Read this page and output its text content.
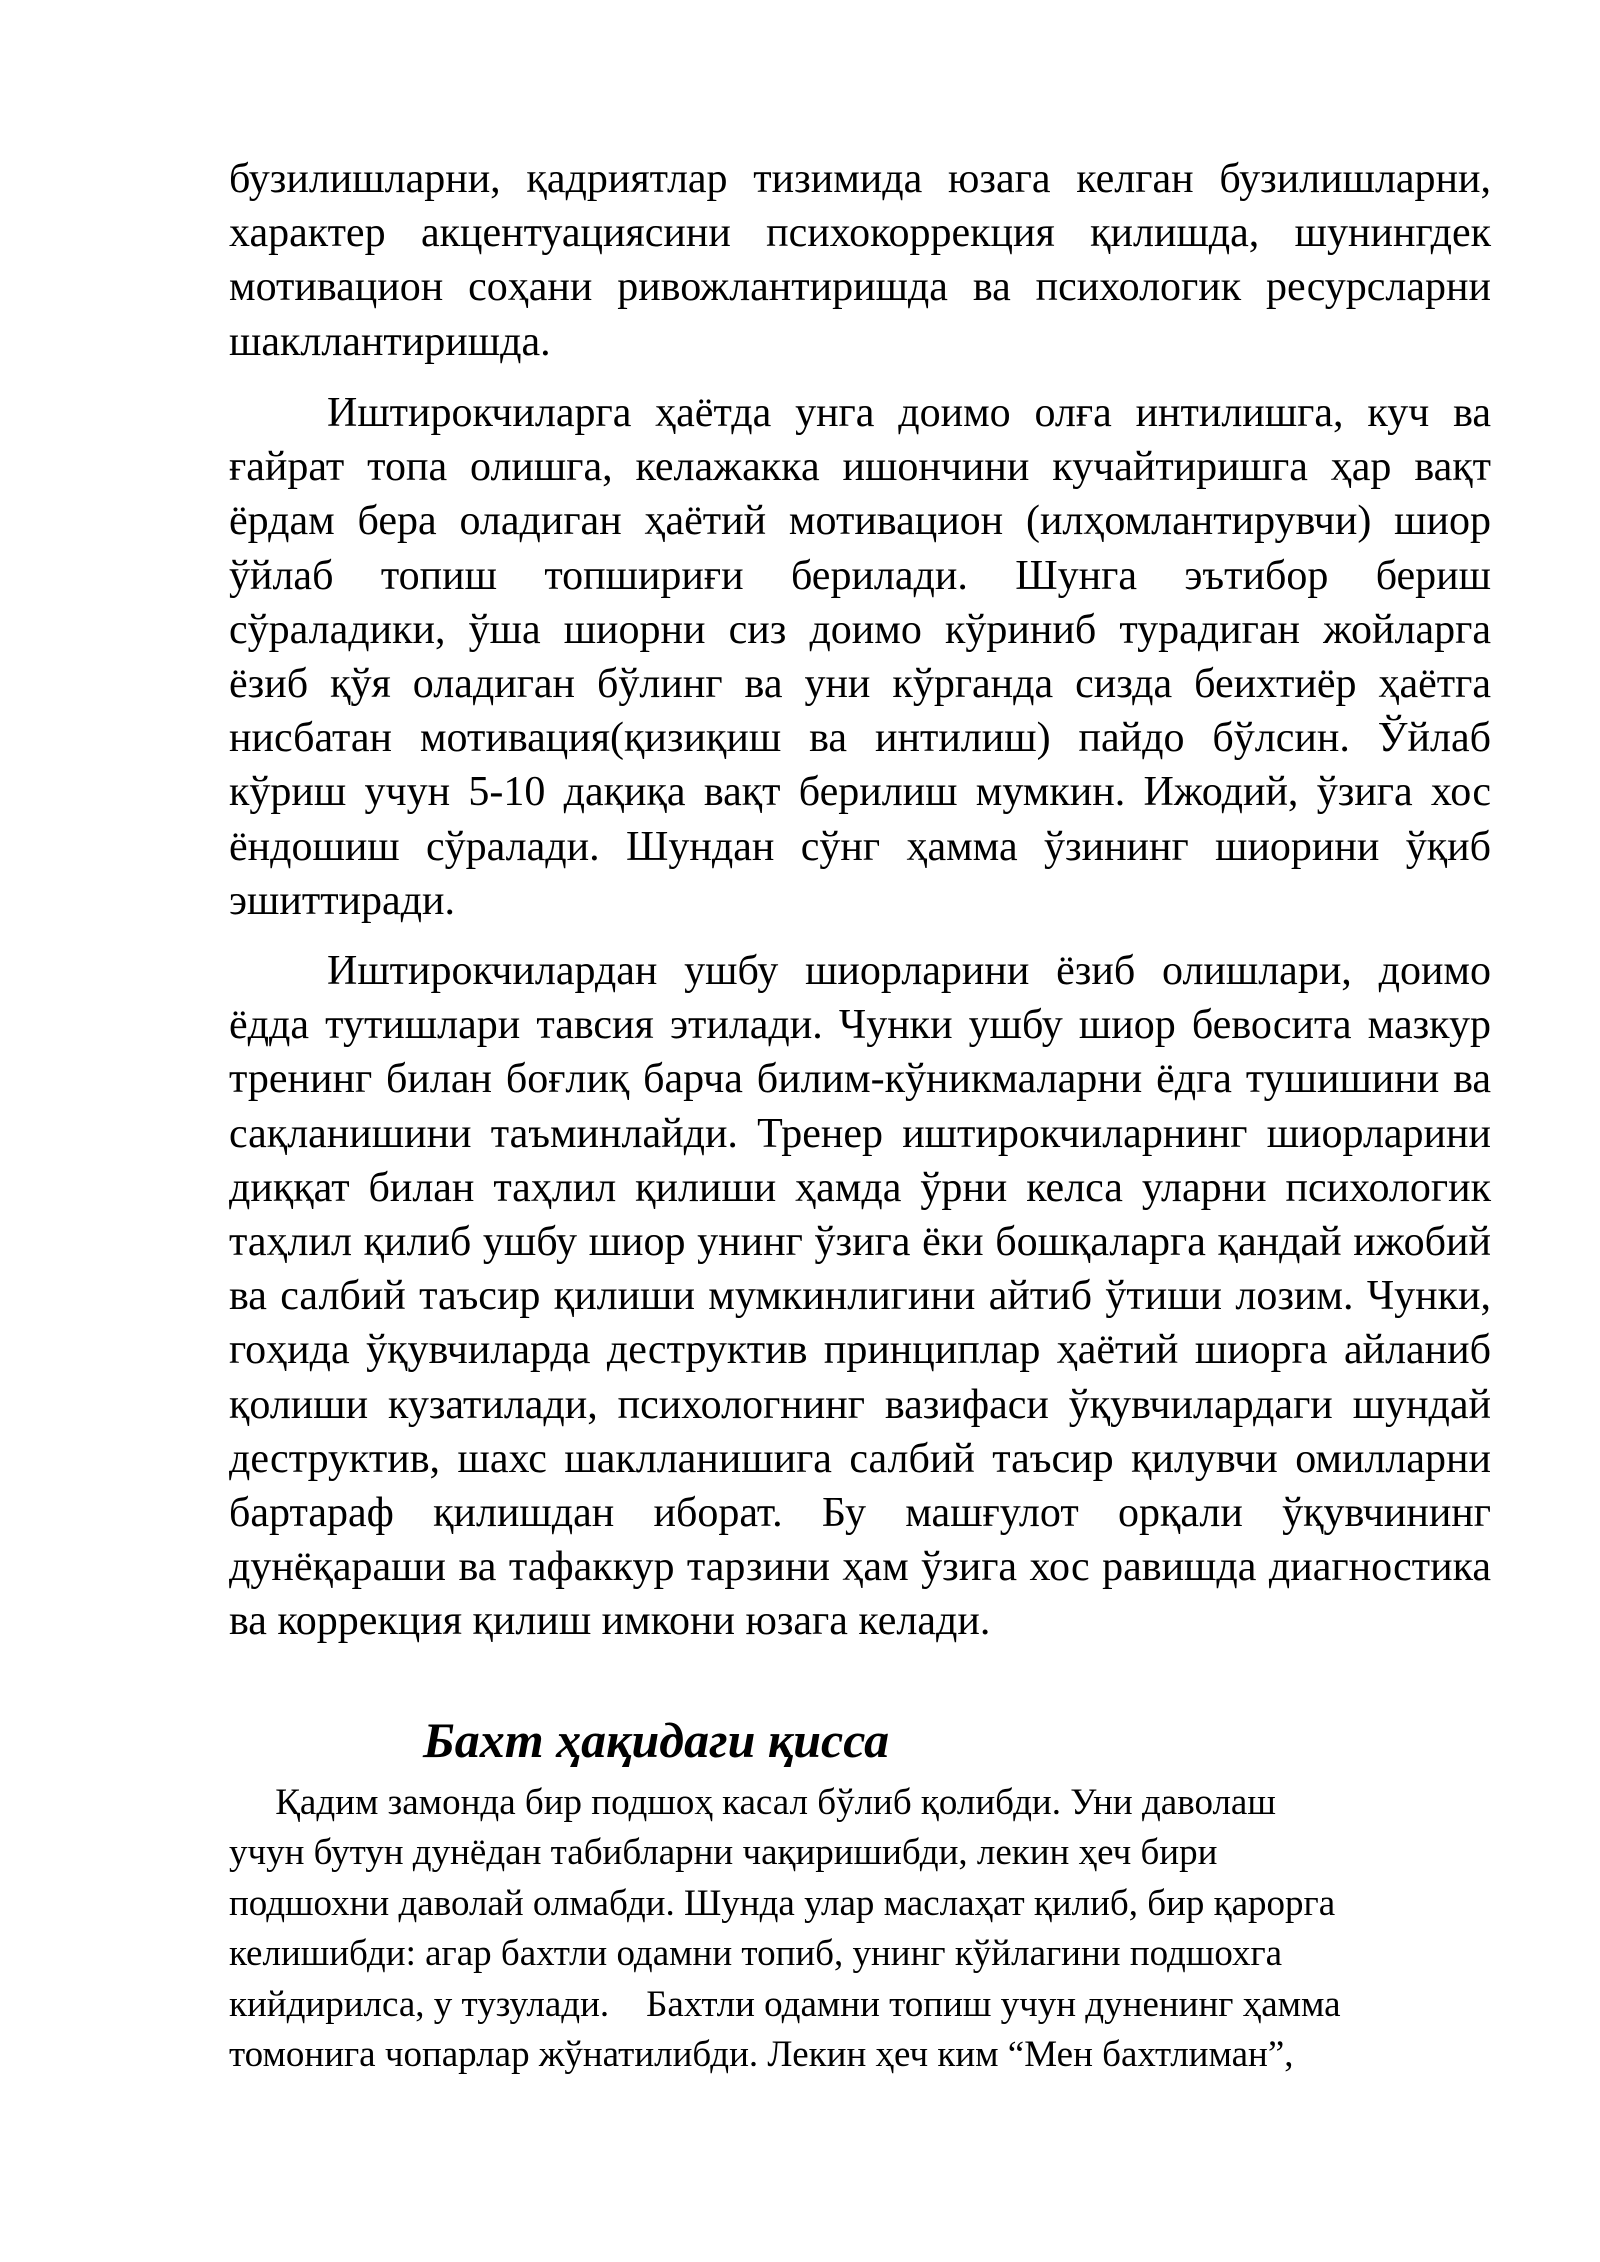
бузилишларни, қадриятлар тизимида юзага келган бузилишларни, характер акцентуациясини психокоррекция қилишда, шунингдек мотивацион соҳани ривожлантиришда ва психологик ресурсларни шакллантиришда.

Иштирокчиларга ҳаётда унга доимо олға интилишга, куч ва ғайрат топа олишга, келажакка ишончини кучайтиришга ҳар вақт ёрдам бера оладиган ҳаётий мотивацион (илҳомлантирувчи) шиор ўйлаб топиш топшириғи берилади. Шунга эътибор бериш сўраладики, ўша шиорни сиз доимо кўриниб турадиган жойларга ёзиб қўя оладиган бўлинг ва уни кўрганда сизда беихтиёр ҳаётга нисбатан мотивация(қизиқиш ва интилиш) пайдо бўлсин. Ўйлаб кўриш учун 5-10 дақиқа вақт берилиш мумкин. Ижодий, ўзига хос ёндошиш сўралади. Шундан сўнг ҳамма ўзининг шиорини ўқиб эшиттиради.

Иштирокчилардан ушбу шиорларини ёзиб олишлари, доимо ёдда тутишлари тавсия этилади. Чунки ушбу шиор бевосита мазкур тренинг билан боғлиқ барча билим-кўникмаларни ёдга тушишини ва сақланишини таъминлайди. Тренер иштирокчиларнинг шиорларини диққат билан таҳлил қилиши ҳамда ўрни келса уларни психологик таҳлил қилиб ушбу шиор унинг ўзига ёки бошқаларга қандай ижобий ва салбий таъсир қилиши мумкинлигини айтиб ўтиши лозим. Чунки, гоҳида ўқувчиларда деструктив принциплар ҳаётий шиорга айланиб қолиши кузатилади, психологнинг вазифаси ўқувчилардаги шундай деструктив, шахс шаклланишига салбий таъсир қилувчи омилларни бартараф қилишдан иборат. Бу машғулот орқали ўқувчининг дунёқараши ва тафаккур тарзини ҳам ўзига хос равишда диагностика ва коррекция қилиш имкони юзага келади.

Бахт ҳақидаги қисса
Қадим замонда бир подшоҳ касал бўлиб қолибди. Уни даволаш
учун бутун дунёдан табибларни чақиришибди, лекин ҳеч бири
подшохни даволай олмабди. Шунда улар маслаҳат қилиб, бир қарорга
келишибди: агар бахтли одамни топиб, унинг кўйлагини подшохга
кийдирилса, у тузулади.    Бахтли одамни топиш учун дуненинг ҳамма
томонига чопарлар жўнатилибди. Лекин ҳеч ким “Мен бахтлиман”,
